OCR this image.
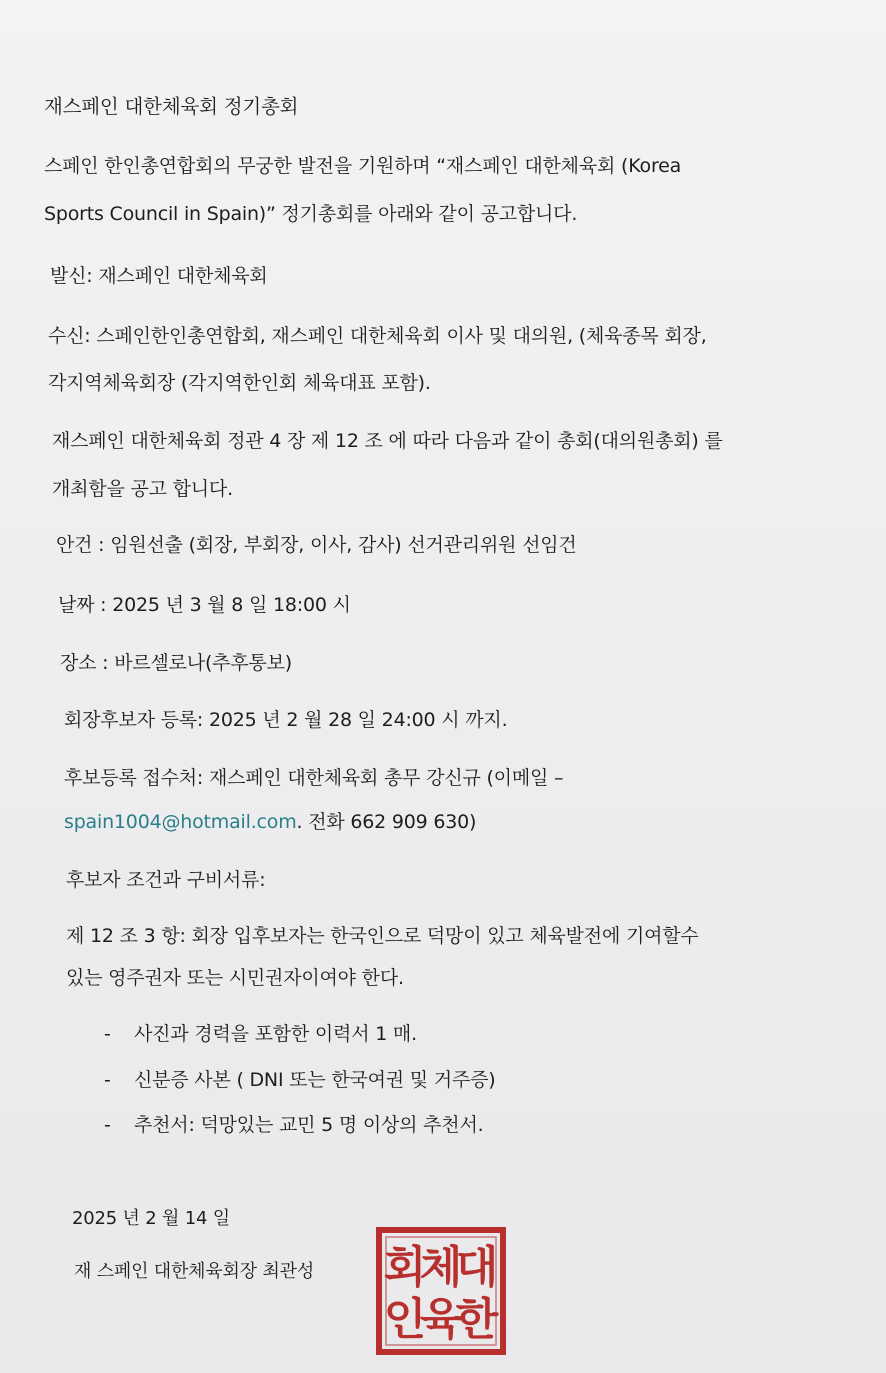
재스페인 대한체육회 정기총회
스페인 한인총연합회의 무궁한 발전을 기원하며 “재스페인 대한체육회 (Korea
Sports Council in Spain)” 정기총회를 아래와 같이 공고합니다.
발신: 재스페인 대한체육회
수신: 스페인한인총연합회, 재스페인 대한체육회 이사 및 대의원, (체육종목 회장,
각지역체육회장 (각지역한인회 체육대표 포함).
재스페인 대한체육회 정관 4 장 제 12 조 에 따라 다음과 같이 총회(대의원총회) 를
개최함을 공고 합니다.
안건 : 임원선출 (회장, 부회장, 이사, 감사) 선거관리위원 선임건
날짜 : 2025 년 3 월 8 일 18:00 시
장소 : 바르셀로나(추후통보)
회장후보자 등록: 2025 년 2 월 28 일 24:00 시 까지.
후보등록 접수처: 재스페인 대한체육회 총무 강신규 (이메일 –
spain1004@hotmail.com. 전화 662 909 630)
후보자 조건과 구비서류:
제 12 조 3 항: 회장 입후보자는 한국인으로 덕망이 있고 체육발전에 기여할수
있는 영주권자 또는 시민권자이여야 한다.
- 사진과 경력을 포함한 이력서 1 매.
- 신분증 사본 ( DNI 또는 한국여권 및 거주증)
- 추천서: 덕망있는 교민 5 명 이상의 추천서.
2025 년 2 월 14 일
재 스페인 대한체육회장 최관성	대
한
체
육
회
인
